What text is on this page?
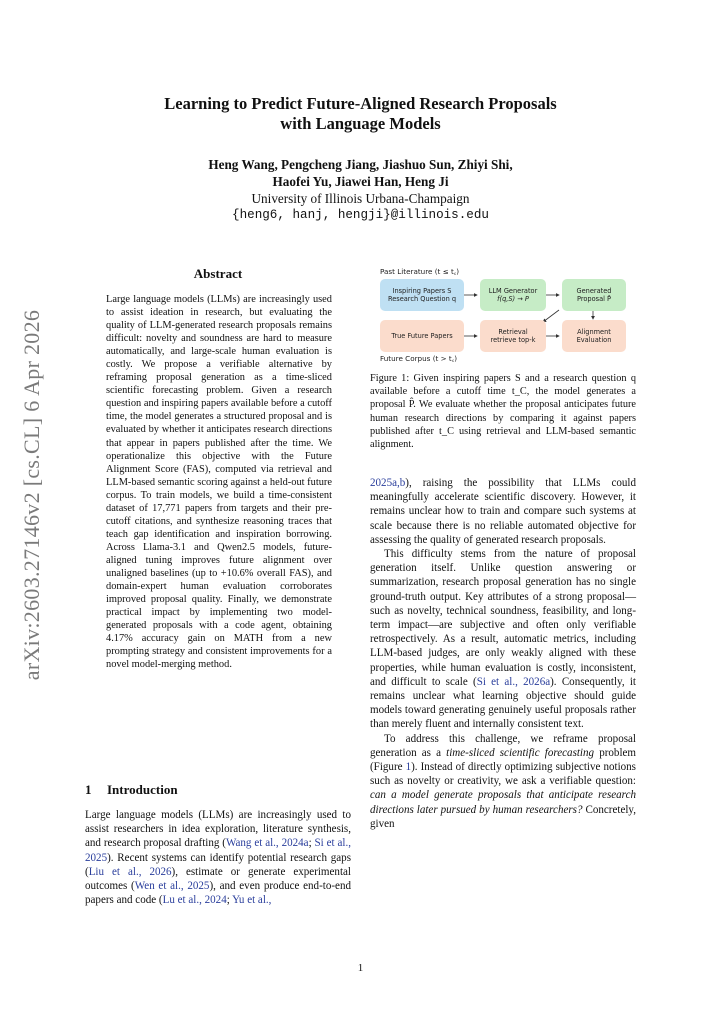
arXiv:2603.27146v2 [cs.CL] 6 Apr 2026
Learning to Predict Future-Aligned Research Proposals
with Language Models
Heng Wang, Pengcheng Jiang, Jiashuo Sun, Zhiyi Shi,
Haofei Yu, Jiawei Han, Heng Ji
University of Illinois Urbana-Champaign
{heng6, hanj, hengji}@illinois.edu
Abstract

Large language models (LLMs) are increasingly used to assist ideation in research, but evaluating the quality of LLM-generated research proposals remains difficult: novelty and soundness are hard to measure automatically, and large-scale human evaluation is costly. We propose a verifiable alternative by reframing proposal generation as a time-sliced scientific forecasting problem. Given a research question and inspiring papers available before a cutoff time, the model generates a structured proposal and is evaluated by whether it anticipates research directions that appear in papers published after the time. We operationalize this objective with the Future Alignment Score (FAS), computed via retrieval and LLM-based semantic scoring against a held-out future corpus. To train models, we build a time-consistent dataset of 17,771 papers from targets and their pre-cutoff citations, and synthesize reasoning traces that teach gap identification and inspiration borrowing. Across Llama-3.1 and Qwen2.5 models, future-aligned tuning improves future alignment over unaligned baselines (up to +10.6% overall FAS), and domain-expert human evaluation corroborates improved proposal quality. Finally, we demonstrate practical impact by implementing two model-generated proposals with a code agent, obtaining 4.17% accuracy gain on MATH from a new prompting strategy and consistent improvements for a novel model-merging method.

1 Introduction

Large language models (LLMs) are increasingly used to assist researchers in idea exploration, literature synthesis, and research proposal drafting (Wang et al., 2024a; Si et al., 2025). Recent systems can identify potential research gaps (Liu et al., 2026), estimate or generate experimental outcomes (Wen et al., 2025), and even produce end-to-end papers and code (Lu et al., 2024; Yu et al.,

Past Literature (t ≤ t꜀)
Inspiring Papers S
Research Question q
LLM Generator
f(q,S) → P
Generated
Proposal P̂
True Future Papers
Retrieval
retrieve top-k
Alignment
Evaluation
Future Corpus (t > t꜀)
Figure 1: Given inspiring papers S and a research question q available before a cutoff time t_C, the model generates a proposal P̂. We evaluate whether the proposal anticipates future human research directions by comparing it against papers published after t_C using retrieval and LLM-based semantic alignment.

2025a,b), raising the possibility that LLMs could meaningfully accelerate scientific discovery. However, it remains unclear how to train and compare such systems at scale because there is no reliable automated objective for assessing the quality of generated research proposals.

This difficulty stems from the nature of proposal generation itself. Unlike question answering or summarization, research proposal generation has no single ground-truth output. Key attributes of a strong proposal—such as novelty, technical soundness, feasibility, and long-term impact—are subjective and often only verifiable retrospectively. As a result, automatic metrics, including LLM-based judges, are only weakly aligned with these properties, while human evaluation is costly, inconsistent, and difficult to scale (Si et al., 2026a). Consequently, it remains unclear what learning objective should guide models toward generating genuinely useful proposals rather than merely fluent and internally consistent text.

To address this challenge, we reframe proposal generation as a time-sliced scientific forecasting problem (Figure 1). Instead of directly optimizing subjective notions such as novelty or creativity, we ask a verifiable question: can a model generate proposals that anticipate research directions later pursued by human researchers? Concretely, given

1
